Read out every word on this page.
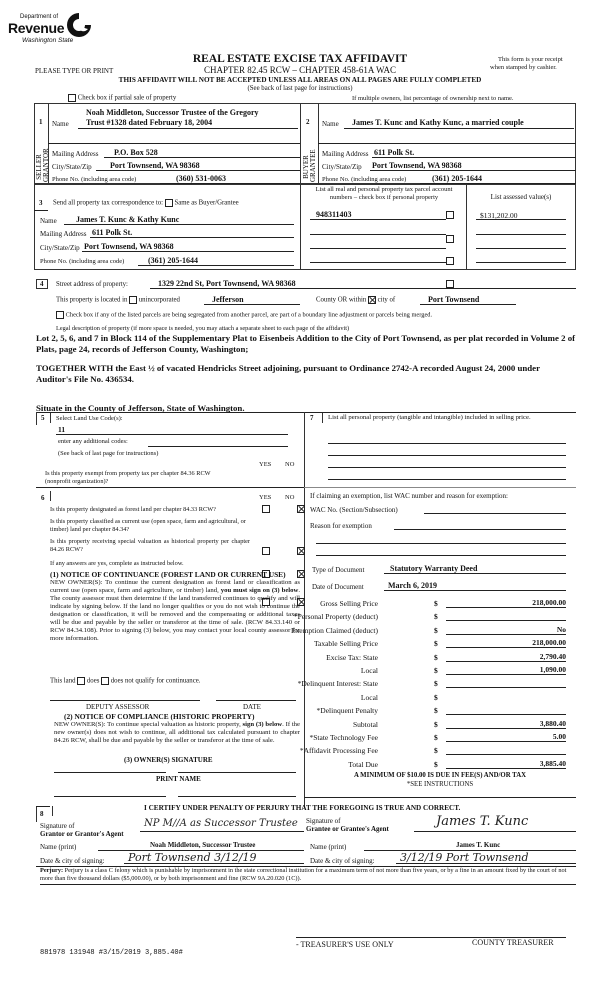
Department of
Revenue
Washington State
REAL ESTATE EXCISE TAX AFFIDAVIT
PLEASE TYPE OR PRINT	CHAPTER 82.45 RCW – CHAPTER 458-61A WAC
This form is your receipt
when stamped by cashier.
THIS AFFIDAVIT WILL NOT BE ACCEPTED UNLESS ALL AREAS ON ALL PAGES ARE FULLY COMPLETED
(See back of last page for instructions)
Check box if partial sale of property	If multiple owners, list percentage of ownership next to name.
1
SELLER GRANTOR
Name
Noah Middleton, Successor Trustee of the Gregory
Trust #1328 dated February 18, 2004
Mailing Address P.O. Box 528
City/State/Zip Port Townsend, WA 98368
Phone No. (including area code)	(360) 531-0063
2
BUYER GRANTEE
Name James T. Kunc and Kathy Kunc, a married couple
Mailing Address 611 Polk St.
City/State/Zip Port Townsend, WA 98368
Phone No. (including area code)	(361) 205-1644
3 Send all property tax correspondence to: Same as Buyer/Grantee
Name James T. Kunc & Kathy Kunc
Mailing Address 611 Polk St.
City/State/Zip Port Townsend, WA 98368
Phone No. (including area code)	(361) 205-1644
List all real and personal property tax parcel account
numbers – check box if personal property	List assessed value(s)
948311403	$131,202.00
4	Street address of property:	1329 22nd St, Port Townsend, WA 98368
This property is located in unincorporated	Jefferson	County OR within city of	Port Townsend
Check box if any of the listed parcels are being segregated from another parcel, are part of a boundary line adjustment or parcels being merged.
Legal description of property (if more space is needed, you may attach a separate sheet to each page of the affidavit)
Lot 2, 5, 6, and 7 in Block 114 of the Supplementary Plat to Eisenbeis Addition to the City of Port Townsend, as per plat recorded in Volume 2 of Plats, page 24, records of Jefferson County, Washington;
TOGETHER WITH the East ½ of vacated Hendricks Street adjoining, pursuant to Ordinance 2742-A recorded August 24, 2000 under Auditor's File No. 436534.
Situate in the County of Jefferson, State of Washington.
5 Select Land Use Code(s):
11
enter any additional codes:
(See back of last page for instructions)
YES NO
Is this property exempt from property tax per chapter 84.36 RCW (nonprofit organization)?

6	YES NO
Is this property designated as forest land per chapter 84.33 RCW?

Is this property classified as current use (open space, farm and agricultural, or timber) land per chapter 84.34?

Is this property receiving special valuation as historical property per chapter 84.26 RCW?

If any answers are yes, complete as instructed below.
(1) NOTICE OF CONTINUANCE (FOREST LAND OR CURRENT USE)
NEW OWNER(S): To continue the current designation as forest land or classification as current use (open space, farm and agriculture, or timber) land, you must sign on (3) below. The county assessor must then determine if the land transferred continues to qualify and will indicate by signing below. If the land no longer qualifies or you do not wish to continue the designation or classification, it will be removed and the compensating or additional taxes will be due and payable by the seller or transferor at the time of sale. (RCW 84.33.140 or RCW 84.34.108). Prior to signing (3) below, you may contact your local county assessor for more information.
This land does does not qualify for continuance.
DEPUTY ASSESSOR	DATE
(2) NOTICE OF COMPLIANCE (HISTORIC PROPERTY)
NEW OWNER(S): To continue special valuation as historic property, sign (3) below. If the new owner(s) does not wish to continue, all additional tax calculated pursuant to chapter 84.26 RCW, shall be due and payable by the seller or transferor at the time of sale.
(3) OWNER(S) SIGNATURE
PRINT NAME
7 List all personal property (tangible and intangible) included in selling price.
If claiming an exemption, list WAC number and reason for exemption:
WAC No. (Section/Subsection)
Reason for exemption
Type of Document	Statutory Warranty Deed
Date of Document	March 6, 2019
Gross Selling Price	$	218,000.00
*Personal Property (deduct)	$
Exemption Claimed (deduct)	$	No
Taxable Selling Price	$	218,000.00
Excise Tax: State	$	2,790.40
Local	$	1,090.00
*Delinquent Interest: State	$
Local	$
*Delinquent Penalty	$
Subtotal	$	3,880.40
*State Technology Fee	$	5.00
*Affidavit Processing Fee	$
Total Due	$	3,885.40
A MINIMUM OF $10.00 IS DUE IN FEE(S) AND/OR TAX
*SEE INSTRUCTIONS
8
I CERTIFY UNDER PENALTY OF PERJURY THAT THE FOREGOING IS TRUE AND CORRECT.
Signature of
Grantor or Grantor's Agent
NP M∕∕A as Successor Trustee
Name (print)	Noah Middleton, Successor Trustee
Date & city of signing: Port Townsend 3/12/19
Signature of
Grantee or Grantee's Agent	James T. Kunc
Name (print)	James T. Kunc
Date & city of signing: 3/12/19 Port Townsend
Perjury: Perjury is a class C felony which is punishable by imprisonment in the state correctional institution for a maximum term of not more than five years, or by a fine in an amount fixed by the court of not more than five thousand dollars ($5,000.00), or by both imprisonment and fine (RCW 9A.20.020 (1C)).
- TREASURER'S USE ONLY	COUNTY TREASURER
881978 131948 #3/15/2019 3,885.40#
